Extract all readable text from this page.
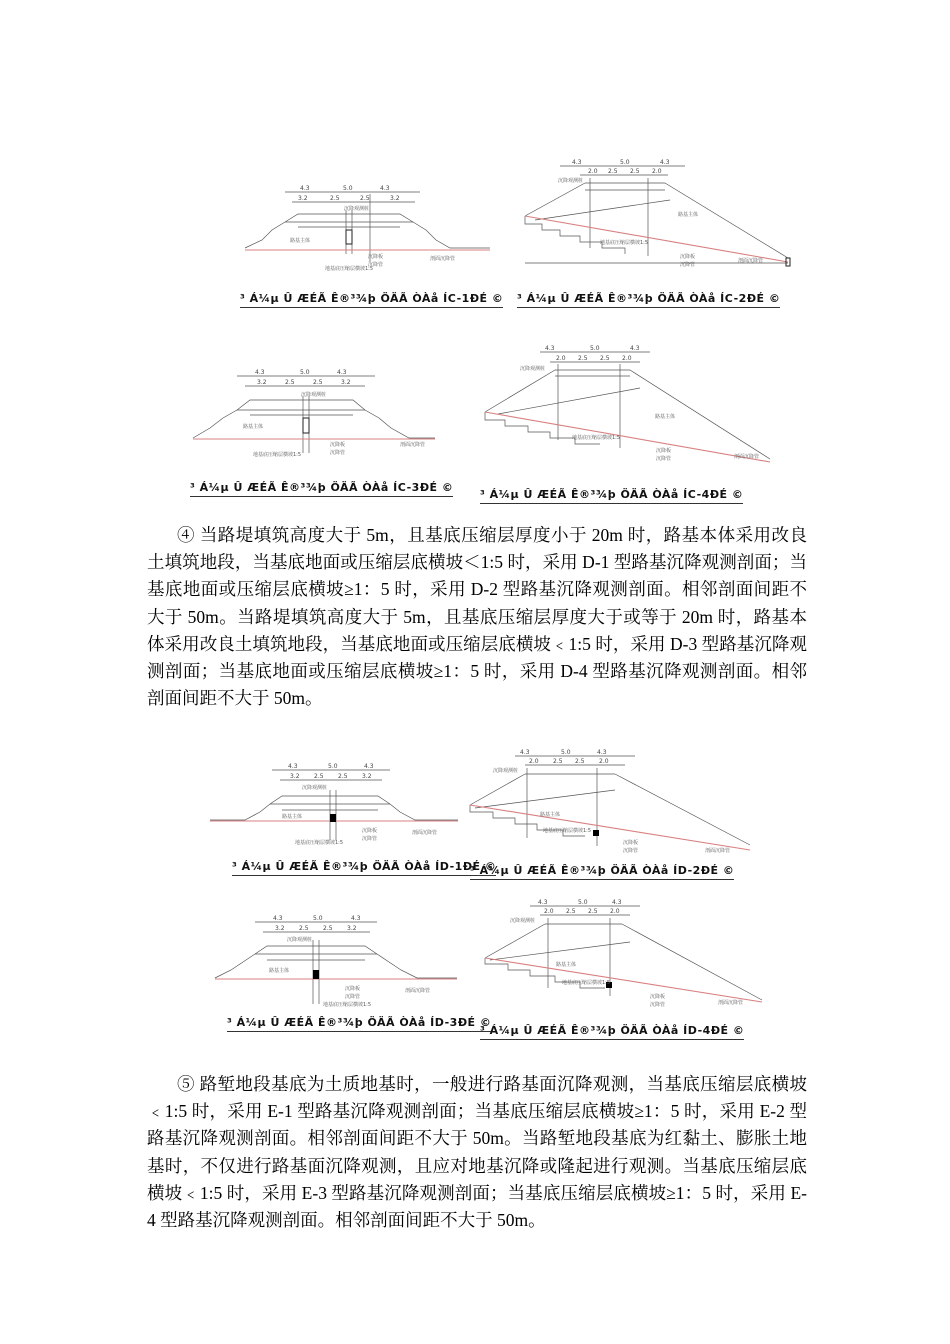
4.3	5.0	4.3
3.2	2.5	2.5	3.2
沉降观测桩
路基主体
沉降板
沉降管
剖面沉降管
地基底压缩层横坡1:5
³ Á¼µ Û ÆÉÃ Ê®³¾þ ÖÄÃ ÒÀå ÍC-1ÐÉ ©
4.3	5.0	4.3
2.0 2.5 2.5 2.0
沉降观测桩
路基主体
沉降板
沉降管
剖面沉降管
地基底压缩层横坡1:5
³ Á¼µ Û ÆÉÃ Ê®³¾þ ÖÄÃ ÒÀå ÍC-2ÐÉ ©
4.3	5.0	4.3
3.2	2.5	2.5	3.2
沉降观测桩
路基主体
沉降板
沉降管
剖面沉降管
地基底压缩层横坡1:5
³ Á¼µ Û ÆÉÃ Ê®³¾þ ÖÄÃ ÒÀå ÍC-3ÐÉ ©
4.3	5.0	4.3
2.0 2.5 2.5 2.0
沉降观测桩
路基主体
沉降板
沉降管	剖面沉降管
地基底压缩层横坡1:5
³ Á¼µ Û ÆÉÃ Ê®³¾þ ÖÄÃ ÒÀå ÍC-4ÐÉ ©

④ 当路堤填筑高度大于 5m，且基底压缩层厚度小于 20m 时，路基本体采用改良土填筑地段，当基底地面或压缩层底横坡＜1:5 时，采用 D-1 型路基沉降观测剖面；当基底地面或压缩层底横坡≥1：5 时，采用 D-2 型路基沉降观测剖面。相邻剖面间距不大于 50m。当路堤填筑高度大于 5m，且基底压缩层厚度大于或等于 20m 时，路基本体采用改良土填筑地段，当基底地面或压缩层底横坡﹤1:5 时，采用 D-3 型路基沉降观测剖面；当基底地面或压缩层底横坡≥1：5 时，采用 D-4 型路基沉降观测剖面。相邻剖面间距不大于 50m。

4.3	5.0	4.3
3.2 2.5 2.5 3.2
沉降观测桩
路基主体
沉降板
沉降管
剖面沉降管
地基底压缩层横坡1:5
³ Á¼µ Û ÆÉÃ Ê®³¾þ ÖÄÃ ÒÀå ÍD-1ÐÉ ©
4.3	5.0	4.3
2.0 2.5 2.5 2.0
沉降观测桩
路基主体
沉降板
沉降管	剖面沉降管
地基底压缩层横坡1:5
³ Á¼µ Û ÆÉÃ Ê®³¾þ ÖÄÃ ÒÀå ÍD-2ÐÉ ©
4.3	5.0	4.3
3.2 2.5 2.5 3.2
沉降观测桩
路基主体
沉降板
沉降管
剖面沉降管
地基底压缩层横坡1:5
³ Á¼µ Û ÆÉÃ Ê®³¾þ ÖÄÃ ÒÀå ÍD-3ÐÉ ©
4.3	5.0	4.3
2.0 2.5 2.5 2.0
沉降观测桩
路基主体
沉降板
沉降管	剖面沉降管
地基底压缩层横坡1:5
³ Á¼µ Û ÆÉÃ Ê®³¾þ ÖÄÃ ÒÀå ÍD-4ÐÉ ©

⑤ 路堑地段基底为土质地基时，一般进行路基面沉降观测，当基底压缩层底横坡﹤1:5 时，采用 E-1 型路基沉降观测剖面；当基底压缩层底横坡≥1：5 时，采用 E-2 型路基沉降观测剖面。相邻剖面间距不大于 50m。当路堑地段基底为红黏土、膨胀土地基时，不仅进行路基面沉降观测，且应对地基沉降或隆起进行观测。当基底压缩层底横坡﹤1:5 时，采用 E-3 型路基沉降观测剖面；当基底压缩层底横坡≥1：5 时，采用 E-4 型路基沉降观测剖面。相邻剖面间距不大于 50m。
